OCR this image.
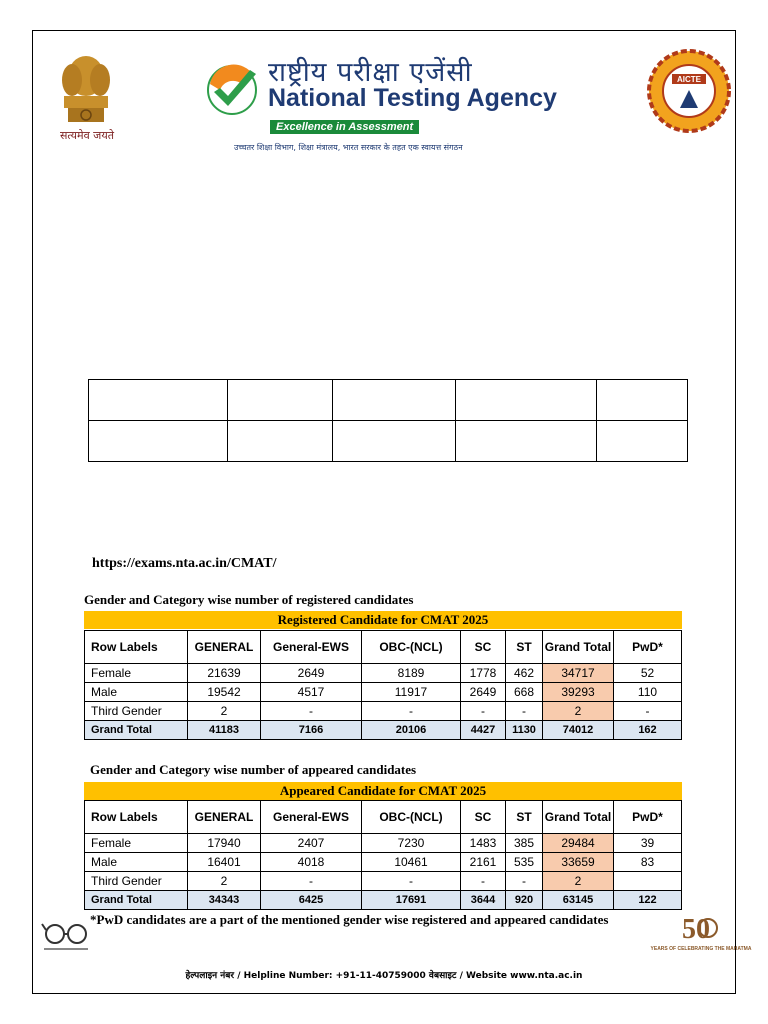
सत्यमेव जयते
राष्ट्रीय परीक्षा एजेंसी
National Testing Agency
Excellence in Assessment
उच्चतर शिक्षा विभाग, शिक्षा मंत्रालय, भारत सरकार के तहत एक स्वायत्त संगठन
AICTE

https://exams.nta.ac.in/CMAT/
Gender and Category wise number of registered candidates
Registered Candidate for CMAT 2025
Row Labels	GENERAL	General-EWS	OBC-(NCL)	SC	ST	Grand Total	PwD*
Female	21639	2649	8189	1778	462	34717	52
Male	19542	4517	11917	2649	668	39293	110
Third Gender	2	-	-	-	-	2	-
Grand Total	41183	7166	20106	4427	1130	74012	162
Gender and Category wise number of appeared candidates
Appeared Candidate for CMAT 2025
Row Labels	GENERAL	General-EWS	OBC-(NCL)	SC	ST	Grand Total	PwD*
Female	17940	2407	7230	1483	385	29484	39
Male	16401	4018	10461	2161	535	33659	83
Third Gender	2	-	-	-	-	2	
Grand Total	34343	6425	17691	3644	920	63145	122
*PwD candidates are a part of the mentioned gender wise registered and appeared candidates	50
YEARS OF CELEBRATING THE MAHATMA
हेल्पलाइन नंबर / Helpline Number: +91-11-40759000 वेबसाइट / Website www.nta.ac.in
